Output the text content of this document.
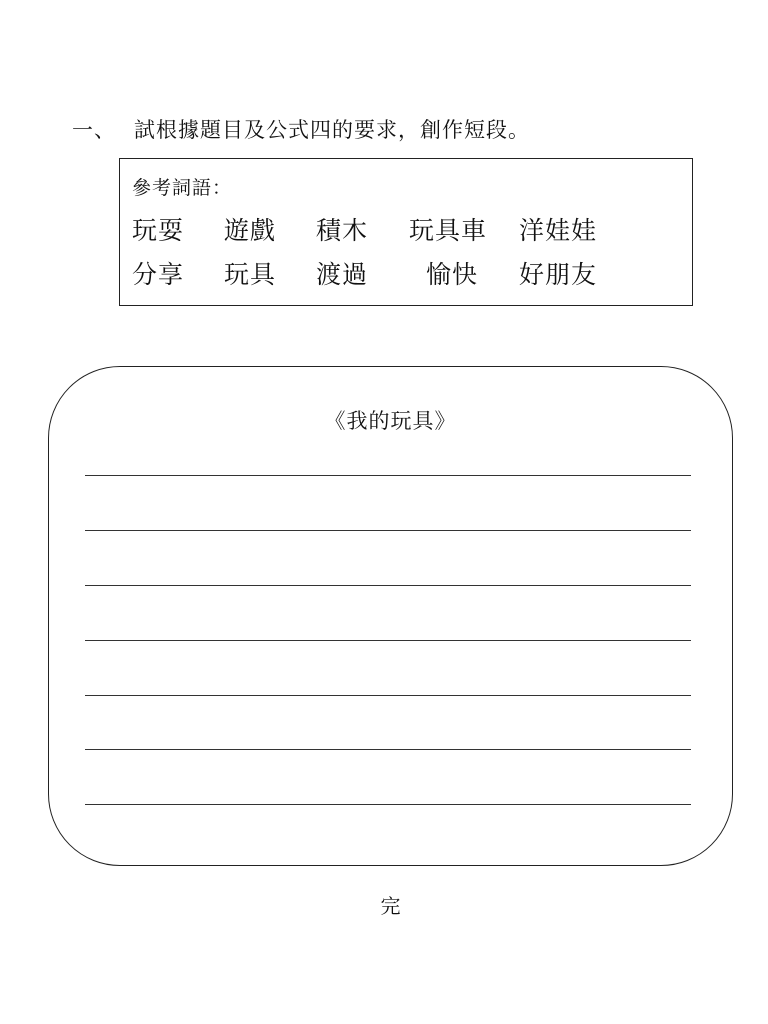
一、 試根據題目及公式四的要求，創作短段。
參考詞語：
玩耍 遊戲 積木 玩具車 洋娃娃
分享 玩具 渡過 愉快 好朋友
《我的玩具》
完
